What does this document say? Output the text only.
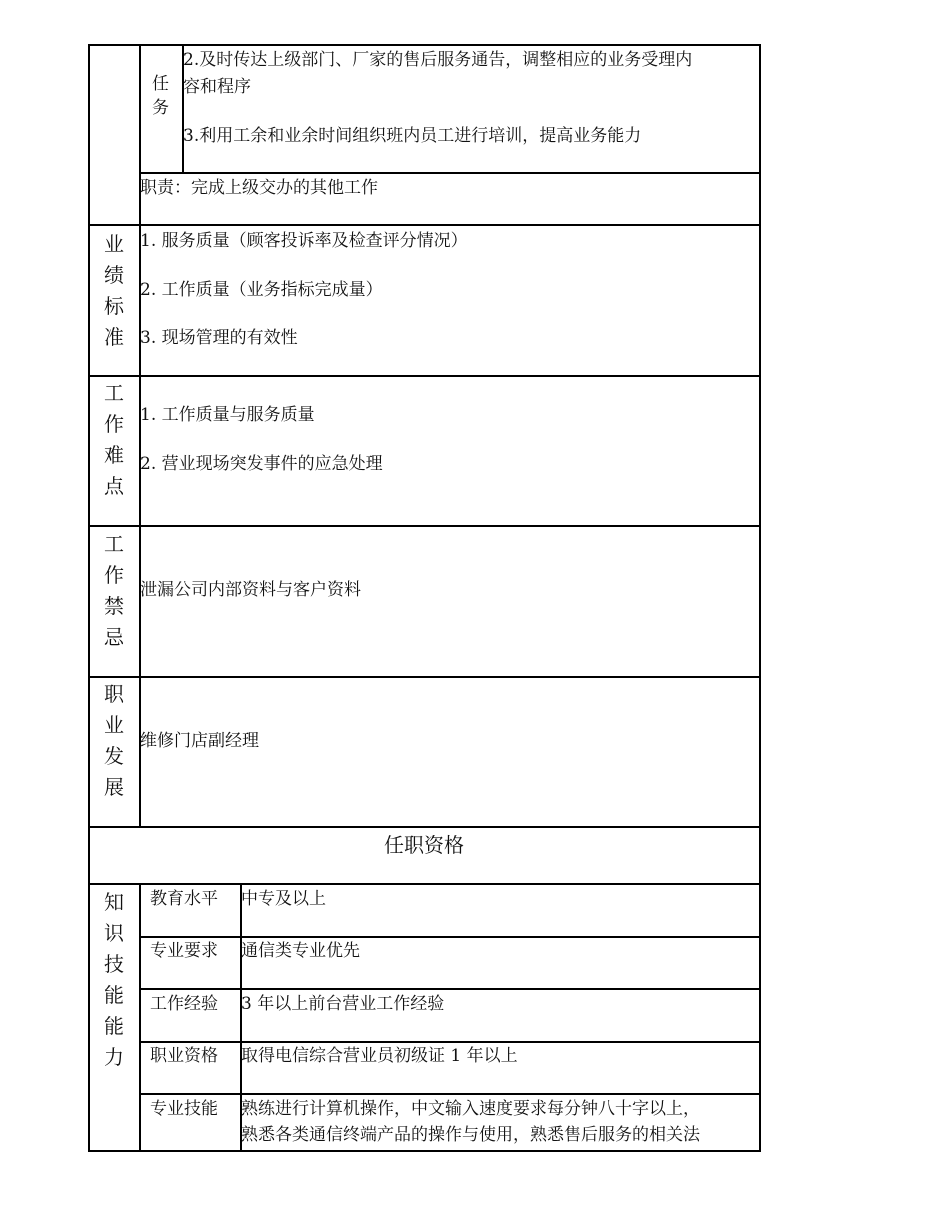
任
务
2.及时传达上级部门、厂家的售后服务通告，调整相应的业务受理内
容和程序
3.利用工余和业余时间组织班内员工进行培训，提高业务能力
职责：完成上级交办的其他工作
业
绩
标
准
1. 服务质量（顾客投诉率及检查评分情况）
2. 工作质量（业务指标完成量）
3. 现场管理的有效性
工
作
难
点
1. 工作质量与服务质量
2. 营业现场突发事件的应急处理
工
作
禁
忌
泄漏公司内部资料与客户资料
职
业
发
展
维修门店副经理
任职资格
知
识
技
能
能
力
教育水平 中专及以上
专业要求 通信类专业优先
工作经验 3 年以上前台营业工作经验
职业资格 取得电信综合营业员初级证 1 年以上
专业技能 熟练进行计算机操作，中文输入速度要求每分钟八十字以上，
熟悉各类通信终端产品的操作与使用，熟悉售后服务的相关法
